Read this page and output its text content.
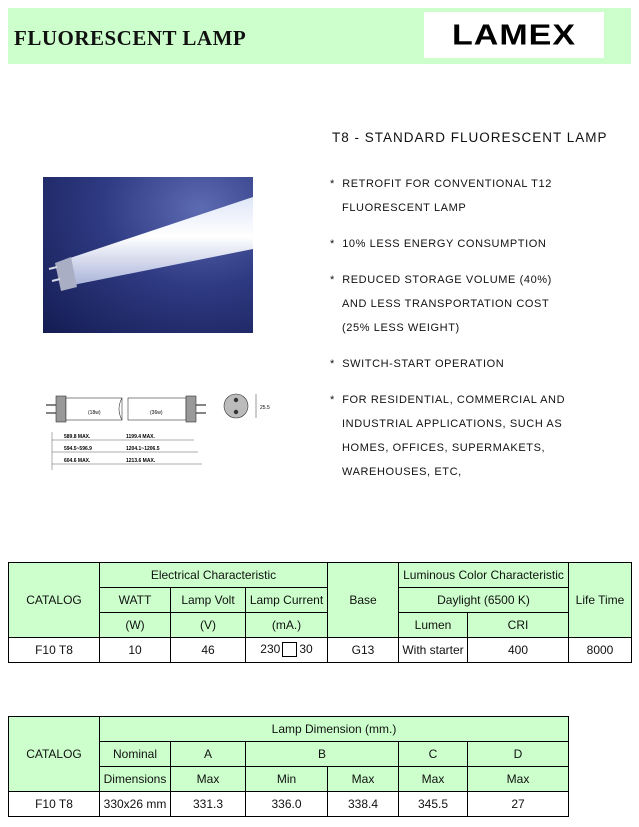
FLUORESCENT LAMP	LAMEX
(18w)	(36w)
25.5
589.8 MAX.	1199.4 MAX.
594.5~596.9	1204.1~1206.5
604.6 MAX.	1213.6 MAX.
T8 - STANDARD FLUORESCENT LAMP
* RETROFIT FOR CONVENTIONAL T12
FLUORESCENT LAMP
* 10% LESS ENERGY CONSUMPTION
* REDUCED STORAGE VOLUME (40%)
AND LESS TRANSPORTATION COST
(25% LESS WEIGHT)
* SWITCH-START OPERATION
* FOR RESIDENTIAL, COMMERCIAL AND
INDUSTRIAL APPLICATIONS, SUCH AS
HOMES, OFFICES, SUPERMAKETS,
WAREHOUSES, ETC,
CATALOG	Electrical Characteristic			Base	Luminous Color Characteristic		Life Time
	WATT	Lamp Volt	Lamp Current		Daylight (6500 K)		
	(W)	(V)	(mA.)		Lumen	CRI	
F10 T8	10	46	230 30	G13	With starter	400	8000
CATALOG	Lamp Dimension (mm.)					
	Nominal	A	B		C	D
	Dimensions	Max	Min	Max	Max	Max
F10 T8	330x26 mm	331.3	336.0	338.4	345.5	27
